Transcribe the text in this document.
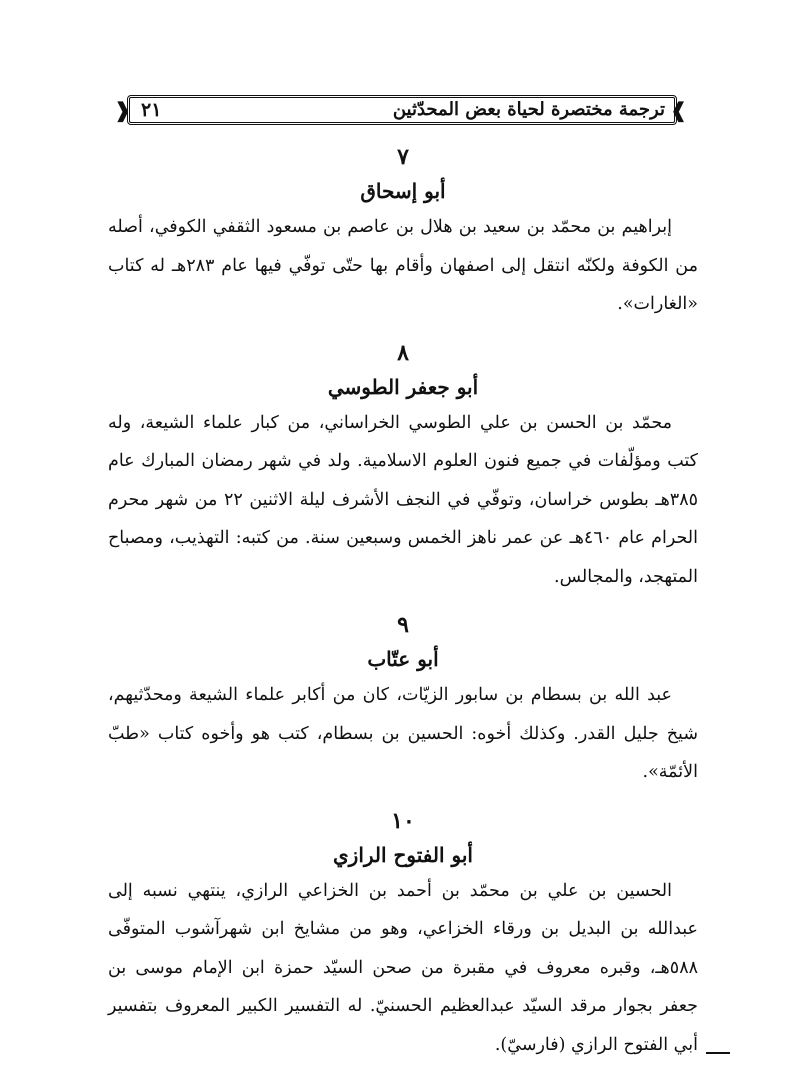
❱
❰	ترجمة مختصرة لحياة بعض المحدّثين
٢١
٧
أبو إسحاق

إبراهيم بن محمّد بن سعيد بن هلال بن عاصم بن مسعود الثقفي الكوفي، أصله من الكوفة ولكنّه انتقل إلى اصفهان وأقام بها حتّى توفّي فيها عام ٢٨٣هـ له كتاب «الغارات».

٨
أبو جعفر الطوسي

محمّد بن الحسن بن علي الطوسي الخراساني، من كبار علماء الشيعة، وله كتب ومؤلّفات في جميع فنون العلوم الاسلامية. ولد في شهر رمضان المبارك عام ٣٨٥هـ بطوس خراسان، وتوفّي في النجف الأشرف ليلة الاثنين ٢٢ من شهر محرم الحرام عام ٤٦٠هـ عن عمر ناهز الخمس وسبعين سنة. من كتبه: التهذيب، ومصباح المتهجد، والمجالس.

٩
أبو عتّاب

عبد الله بن بسطام بن سابور الزيّات، كان من أكابر علماء الشيعة ومحدّثيهم، شيخ جليل القدر. وكذلك أخوه: الحسين بن بسطام، كتب هو وأخوه كتاب «طبّ الأئمّة».

١٠
أبو الفتوح الرازي

الحسين بن علي بن محمّد بن أحمد بن الخزاعي الرازي، ينتهي نسبه إلى عبدالله بن البديل بن ورقاء الخزاعي، وهو من مشايخ ابن شهرآشوب المتوفّى ٥٨٨هـ، وقبره معروف في مقبرة من صحن السيّد حمزة ابن الإمام موسى بن جعفر بجوار مرقد السيّد عبدالعظيم الحسنيّ. له التفسير الكبير المعروف بتفسير أبي الفتوح الرازي (فارسيّ).
